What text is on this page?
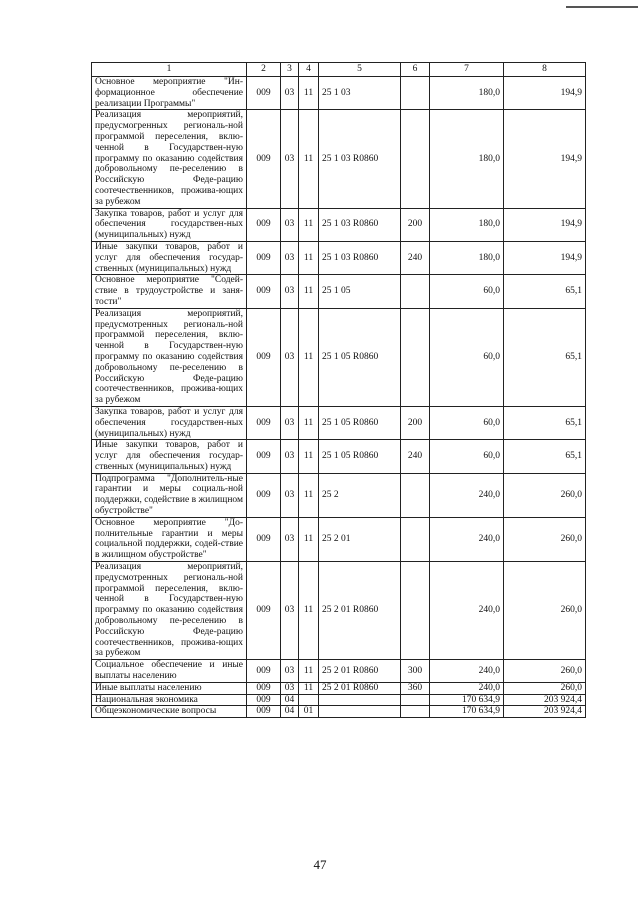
1	2	3	4	5	6	7	8
Основное мероприятие "Ин-формационное обеспечение реализации Программы"	009	03	11	25 1 03		180,0	194,9
Реализация мероприятий, предусмогренных региональ-ной программой переселения, вклю-ченной в Государствен-ную программу по оказанию содействия добровольному пе-реселению в Российскую Феде-рацию соотечественников, прожива-ющих за рубежом	009	03	11	25 1 03 R0860		180,0	194,9
Закупка товаров, работ и услуг для обеспечения государствен-ных (муниципальных) нужд	009	03	11	25 1 03 R0860	200	180,0	194,9
Иные закупки товаров, работ и услуг для обеспечения государ-ственных (муниципальных) нужд	009	03	11	25 1 03 R0860	240	180,0	194,9
Основное мероприятие "Содей-ствие в трудоустройстве и заня-тости"	009	03	11	25 1 05		60,0	65,1
Реализация мероприятий, предусмотренных региональ-ной программой переселения, вклю-ченной в Государствен-ную программу по оказанию содействия добровольному пе-реселению в Российскую Феде-рацию соотечественников, прожива-ющих за рубежом	009	03	11	25 1 05 R0860		60,0	65,1
Закупка товаров, работ и услуг для обеспечения государствен-ных (муниципальных) нужд	009	03	11	25 1 05 R0860	200	60,0	65,1
Иные закупки товаров, работ и услуг для обеспечения государ-ственных (муниципальных) нужд	009	03	11	25 1 05 R0860	240	60,0	65,1
Подпрограмма "Дополнитель-ные гарантии и меры социаль-ной поддержки, содействие в жилищном обустройстве"	009	03	11	25 2		240,0	260,0
Основное мероприятие "До-полнительные гарантии и меры социальной поддержки, содей-ствие в жилищном обустройстве"	009	03	11	25 2 01		240,0	260,0
Реализация мероприятий, предусмотренных региональ-ной программой переселения, вклю-ченной в Государствен-ную программу по оказанию содействия добровольному пе-реселению в Российскую Феде-рацию соотечественников, прожива-ющих за рубежом	009	03	11	25 2 01 R0860		240,0	260,0
Социальное обеспечение и иные выплаты населению	009	03	11	25 2 01 R0860	300	240,0	260,0
Иные выплаты населению	009	03	11	25 2 01 R0860	360	240,0	260,0
Национальная экономика	009	04				170 634,9	203 924,4
Общеэкономические вопросы	009	04	01			170 634,9	203 924,4
47
